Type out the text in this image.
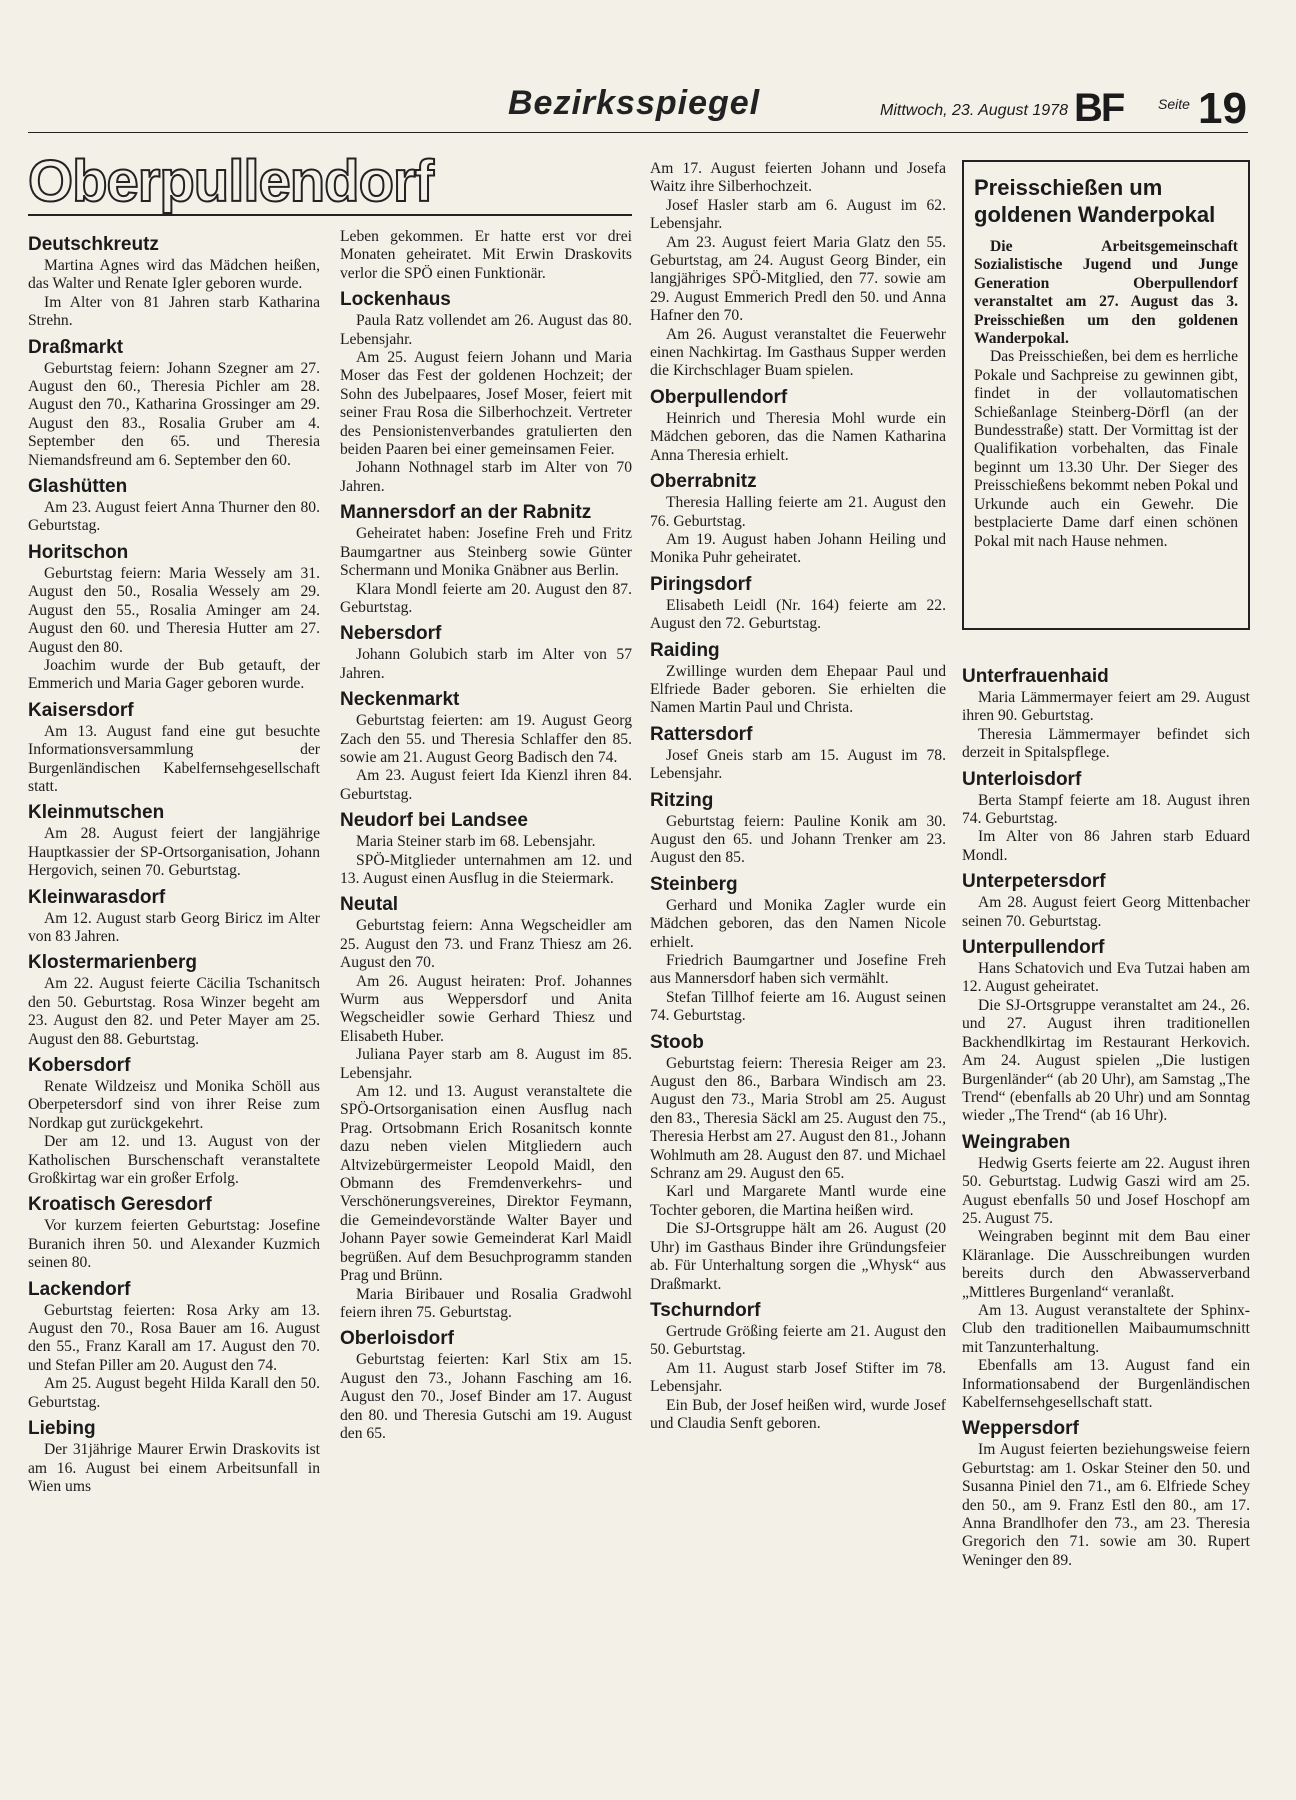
Bezirksspiegel	Mittwoch, 23. August 1978 BF Seite 19
Oberpullendorf
Deutschkreutz

Martina Agnes wird das Mädchen heißen, das Walter und Renate Igler geboren wurde.

Im Alter von 81 Jahren starb Katharina Strehn.

Draßmarkt

Geburtstag feiern: Johann Szegner am 27. August den 60., Theresia Pichler am 28. August den 70., Katharina Grossinger am 29. August den 83., Rosalia Gruber am 4. September den 65. und Theresia Niemandsfreund am 6. September den 60.

Glashütten

Am 23. August feiert Anna Thurner den 80. Geburtstag.

Horitschon

Geburtstag feiern: Maria Wessely am 31. August den 50., Rosalia Wessely am 29. August den 55., Rosalia Aminger am 24. August den 60. und Theresia Hutter am 27. August den 80.

Joachim wurde der Bub getauft, der Emmerich und Maria Gager geboren wurde.

Kaisersdorf

Am 13. August fand eine gut besuchte Informationsversammlung der Burgenländischen Kabelfernsehgesellschaft statt.

Kleinmutschen

Am 28. August feiert der langjährige Hauptkassier der SP-Ortsorganisation, Johann Hergovich, seinen 70. Geburtstag.

Kleinwarasdorf

Am 12. August starb Georg Biricz im Alter von 83 Jahren.

Klostermarienberg

Am 22. August feierte Cäcilia Tschanitsch den 50. Geburtstag. Rosa Winzer begeht am 23. August den 82. und Peter Mayer am 25. August den 88. Geburtstag.

Kobersdorf

Renate Wildzeisz und Monika Schöll aus Oberpetersdorf sind von ihrer Reise zum Nordkap gut zurückgekehrt.

Der am 12. und 13. August von der Katholischen Burschenschaft veranstaltete Großkirtag war ein großer Erfolg.

Kroatisch Geresdorf

Vor kurzem feierten Geburtstag: Josefine Buranich ihren 50. und Alexander Kuzmich seinen 80.

Lackendorf

Geburtstag feierten: Rosa Arky am 13. August den 70., Rosa Bauer am 16. August den 55., Franz Karall am 17. August den 70. und Stefan Piller am 20. August den 74.

Am 25. August begeht Hilda Karall den 50. Geburtstag.

Liebing

Der 31jährige Maurer Erwin Draskovits ist am 16. August bei einem Arbeitsunfall in Wien ums

Leben gekommen. Er hatte erst vor drei Monaten geheiratet. Mit Erwin Draskovits verlor die SPÖ einen Funktionär.

Lockenhaus

Paula Ratz vollendet am 26. August das 80. Lebensjahr.

Am 25. August feiern Johann und Maria Moser das Fest der goldenen Hochzeit; der Sohn des Jubelpaares, Josef Moser, feiert mit seiner Frau Rosa die Silberhochzeit. Vertreter des Pensionistenverbandes gratulierten den beiden Paaren bei einer gemeinsamen Feier.

Johann Nothnagel starb im Alter von 70 Jahren.

Mannersdorf an der Rabnitz

Geheiratet haben: Josefine Freh und Fritz Baumgartner aus Steinberg sowie Günter Schermann und Monika Gnäbner aus Berlin.

Klara Mondl feierte am 20. August den 87. Geburtstag.

Nebersdorf

Johann Golubich starb im Alter von 57 Jahren.

Neckenmarkt

Geburtstag feierten: am 19. August Georg Zach den 55. und Theresia Schlaffer den 85. sowie am 21. August Georg Badisch den 74.

Am 23. August feiert Ida Kienzl ihren 84. Geburtstag.

Neudorf bei Landsee

Maria Steiner starb im 68. Lebensjahr.

SPÖ-Mitglieder unternahmen am 12. und 13. August einen Ausflug in die Steiermark.

Neutal

Geburtstag feiern: Anna Wegscheidler am 25. August den 73. und Franz Thiesz am 26. August den 70.

Am 26. August heiraten: Prof. Johannes Wurm aus Weppersdorf und Anita Wegscheidler sowie Gerhard Thiesz und Elisabeth Huber.

Juliana Payer starb am 8. August im 85. Lebensjahr.

Am 12. und 13. August veranstaltete die SPÖ-Ortsorganisation einen Ausflug nach Prag. Ortsobmann Erich Rosanitsch konnte dazu neben vielen Mitgliedern auch Altvizebürgermeister Leopold Maidl, den Obmann des Fremdenverkehrs- und Verschönerungsvereines, Direktor Feymann, die Gemeindevorstände Walter Bayer und Johann Payer sowie Gemeinderat Karl Maidl begrüßen. Auf dem Besuchprogramm standen Prag und Brünn.

Maria Biribauer und Rosalia Gradwohl feiern ihren 75. Geburtstag.

Oberloisdorf

Geburtstag feierten: Karl Stix am 15. August den 73., Johann Fasching am 16. August den 70., Josef Binder am 17. August den 80. und Theresia Gutschi am 19. August den 65.

Am 17. August feierten Johann und Josefa Waitz ihre Silberhochzeit.

Josef Hasler starb am 6. August im 62. Lebensjahr.

Am 23. August feiert Maria Glatz den 55. Geburtstag, am 24. August Georg Binder, ein langjähriges SPÖ-Mitglied, den 77. sowie am 29. August Emmerich Predl den 50. und Anna Hafner den 70.

Am 26. August veranstaltet die Feuerwehr einen Nachkirtag. Im Gasthaus Supper werden die Kirchschlager Buam spielen.

Oberpullendorf

Heinrich und Theresia Mohl wurde ein Mädchen geboren, das die Namen Katharina Anna Theresia erhielt.

Oberrabnitz

Theresia Halling feierte am 21. August den 76. Geburtstag.

Am 19. August haben Johann Heiling und Monika Puhr geheiratet.

Piringsdorf

Elisabeth Leidl (Nr. 164) feierte am 22. August den 72. Geburtstag.

Raiding

Zwillinge wurden dem Ehepaar Paul und Elfriede Bader geboren. Sie erhielten die Namen Martin Paul und Christa.

Rattersdorf

Josef Gneis starb am 15. August im 78. Lebensjahr.

Ritzing

Geburtstag feiern: Pauline Konik am 30. August den 65. und Johann Trenker am 23. August den 85.

Steinberg

Gerhard und Monika Zagler wurde ein Mädchen geboren, das den Namen Nicole erhielt.

Friedrich Baumgartner und Josefine Freh aus Mannersdorf haben sich vermählt.

Stefan Tillhof feierte am 16. August seinen 74. Geburtstag.

Stoob

Geburtstag feiern: Theresia Reiger am 23. August den 86., Barbara Windisch am 23. August den 73., Maria Strobl am 25. August den 83., Theresia Säckl am 25. August den 75., Theresia Herbst am 27. August den 81., Johann Wohlmuth am 28. August den 87. und Michael Schranz am 29. August den 65.

Karl und Margarete Mantl wurde eine Tochter geboren, die Martina heißen wird.

Die SJ-Ortsgruppe hält am 26. August (20 Uhr) im Gasthaus Binder ihre Gründungsfeier ab. Für Unterhaltung sorgen die „Whysk“ aus Draßmarkt.

Tschurndorf

Gertrude Größing feierte am 21. August den 50. Geburtstag.

Am 11. August starb Josef Stifter im 78. Lebensjahr.

Ein Bub, der Josef heißen wird, wurde Josef und Claudia Senft geboren.

Preisschießen um goldenen Wanderpokal

Die Arbeitsgemeinschaft Sozialistische Jugend und Junge Generation Oberpullendorf veranstaltet am 27. August das 3. Preisschießen um den goldenen Wanderpokal.

Das Preisschießen, bei dem es herrliche Pokale und Sachpreise zu gewinnen gibt, findet in der vollautomatischen Schießanlage Steinberg-Dörfl (an der Bundesstraße) statt. Der Vormittag ist der Qualifikation vorbehalten, das Finale beginnt um 13.30 Uhr. Der Sieger des Preisschießens bekommt neben Pokal und Urkunde auch ein Gewehr. Die bestplacierte Dame darf einen schönen Pokal mit nach Hause nehmen.

Unterfrauenhaid

Maria Lämmermayer feiert am 29. August ihren 90. Geburtstag.

Theresia Lämmermayer befindet sich derzeit in Spitalspflege.

Unterloisdorf

Berta Stampf feierte am 18. August ihren 74. Geburtstag.

Im Alter von 86 Jahren starb Eduard Mondl.

Unterpetersdorf

Am 28. August feiert Georg Mittenbacher seinen 70. Geburtstag.

Unterpullendorf

Hans Schatovich und Eva Tutzai haben am 12. August geheiratet.

Die SJ-Ortsgruppe veranstaltet am 24., 26. und 27. August ihren traditionellen Backhendlkirtag im Restaurant Herkovich. Am 24. August spielen „Die lustigen Burgenländer“ (ab 20 Uhr), am Samstag „The Trend“ (ebenfalls ab 20 Uhr) und am Sonntag wieder „The Trend“ (ab 16 Uhr).

Weingraben

Hedwig Gserts feierte am 22. August ihren 50. Geburtstag. Ludwig Gaszi wird am 25. August ebenfalls 50 und Josef Hoschopf am 25. August 75.

Weingraben beginnt mit dem Bau einer Kläranlage. Die Ausschreibungen wurden bereits durch den Abwasserverband „Mittleres Burgenland“ veranlaßt.

Am 13. August veranstaltete der Sphinx-Club den traditionellen Maibaumumschnitt mit Tanzunterhaltung.

Ebenfalls am 13. August fand ein Informationsabend der Burgenländischen Kabelfernsehgesellschaft statt.

Weppersdorf

Im August feierten beziehungsweise feiern Geburtstag: am 1. Oskar Steiner den 50. und Susanna Piniel den 71., am 6. Elfriede Schey den 50., am 9. Franz Estl den 80., am 17. Anna Brandlhofer den 73., am 23. Theresia Gregorich den 71. sowie am 30. Rupert Weninger den 89.
